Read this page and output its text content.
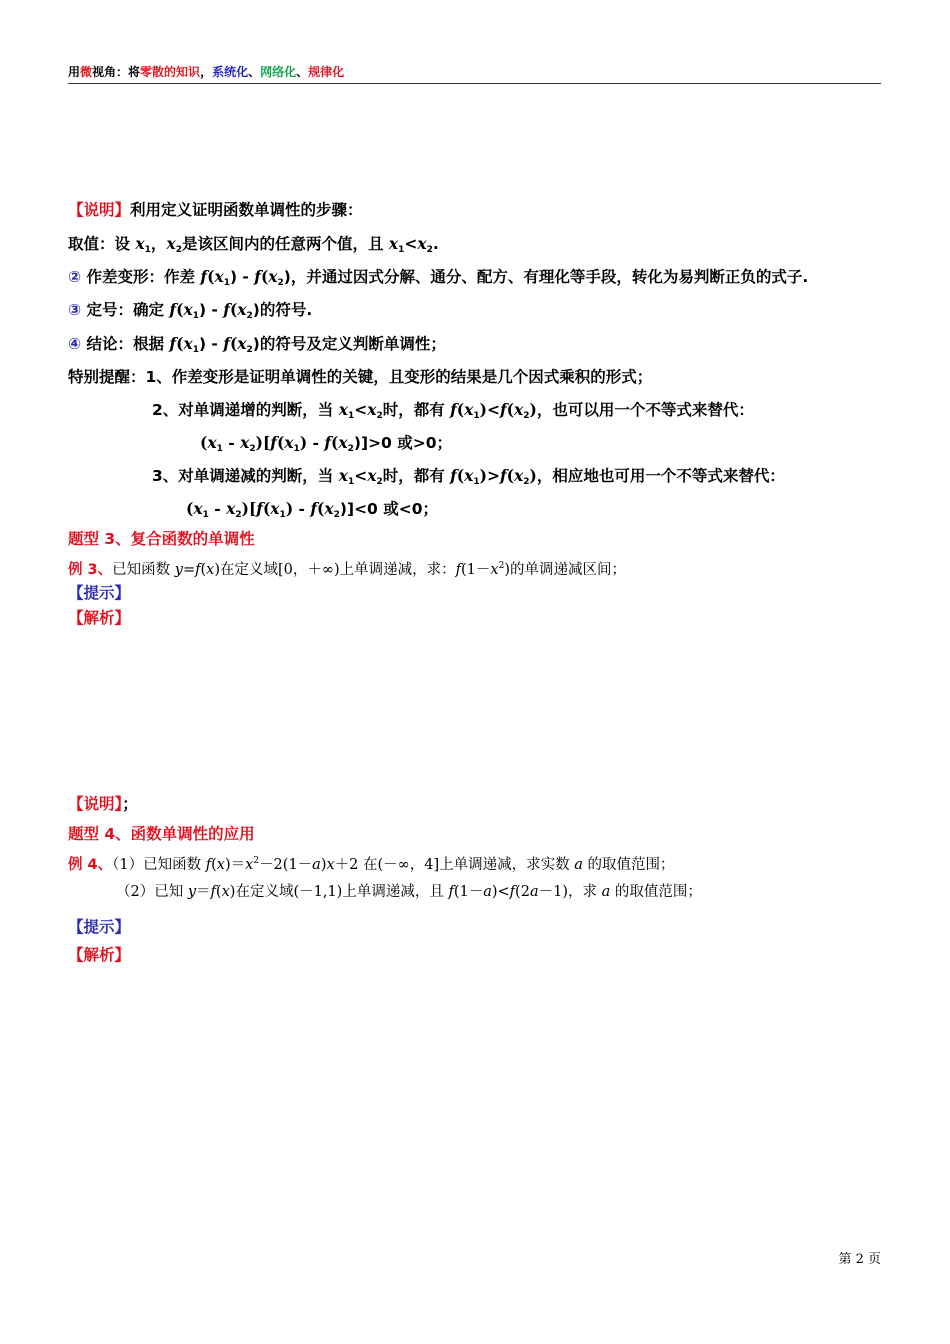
用微视角：将零散的知识，系统化、网络化、规律化
【说明】利用定义证明函数单调性的步骤：
取值：设 $x_1$，$x_2$是该区间内的任意两个值，且 $x_1<x_2$.
② 作差变形：作差 $f(x_1) - f(x_2)$，并通过因式分解、通分、配方、有理化等手段，转化为易判断正负的式子.
③ 定号：确定 $f(x_1) - f(x_2)$的符号.
④ 结论：根据 $f(x_1) - f(x_2)$的符号及定义判断单调性；
特别提醒：1、作差变形是证明单调性的关键，且变形的结果是几个因式乘积的形式；
2、对单调递增的判断，当 $x_1<x_2$时，都有 $f(x_1)<f(x_2)$，也可以用一个不等式来替代：
$(x_1 - x_2)[f(x_1) - f(x_2)]>0$ 或>0；
3、对单调递减的判断，当 $x_1<x_2$时，都有 $f(x_1)>f(x_2)$，相应地也可用一个不等式来替代：
$(x_1 - x_2)[f(x_1) - f(x_2)]<0$ 或<0；
题型 3、复合函数的单调性
例 3、已知函数 y=f(x)在定义域[0，＋∞)上单调递减，求：$f(1-x^2)$的单调递减区间；
【提示】
【解析】
【说明】；
题型 4、函数单调性的应用
例 4、（1）已知函数 $f(x)=x^2-2(1-a)x+2$ 在(－∞，4]上单调递减，求实数 a 的取值范围；
（2）已知 y＝f(x)在定义域(－1,1)上单调递减，且 f(1－a)<f(2a－1)，求 a 的取值范围；
【提示】
【解析】
第 2 页
